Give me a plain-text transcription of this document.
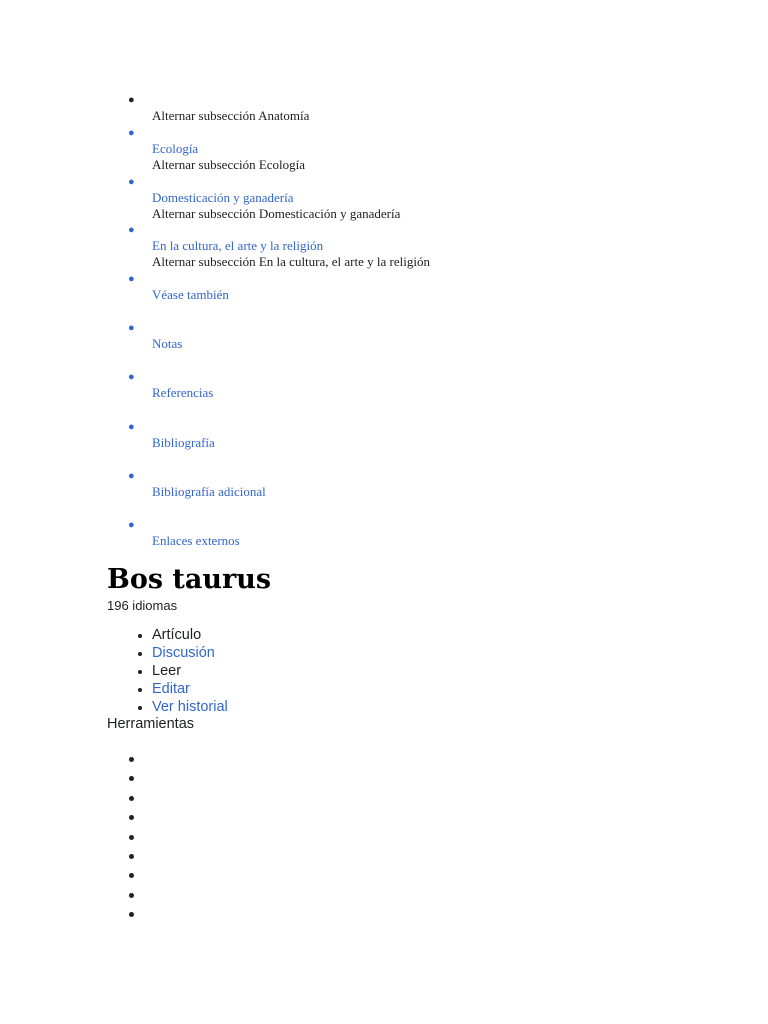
●
Alternar subsección Anatomía
●
Ecología
Alternar subsección Ecología
●
Domesticación y ganadería
Alternar subsección Domesticación y ganadería
●
En la cultura, el arte y la religión
Alternar subsección En la cultura, el arte y la religión
●
Véase también
●
Notas
●
Referencias
●
Bibliografía
●
Bibliografía adicional
●
Enlaces externos
Bos taurus
196 idiomas
Artículo
Discusión
Leer
Editar
Ver historial
Herramientas
